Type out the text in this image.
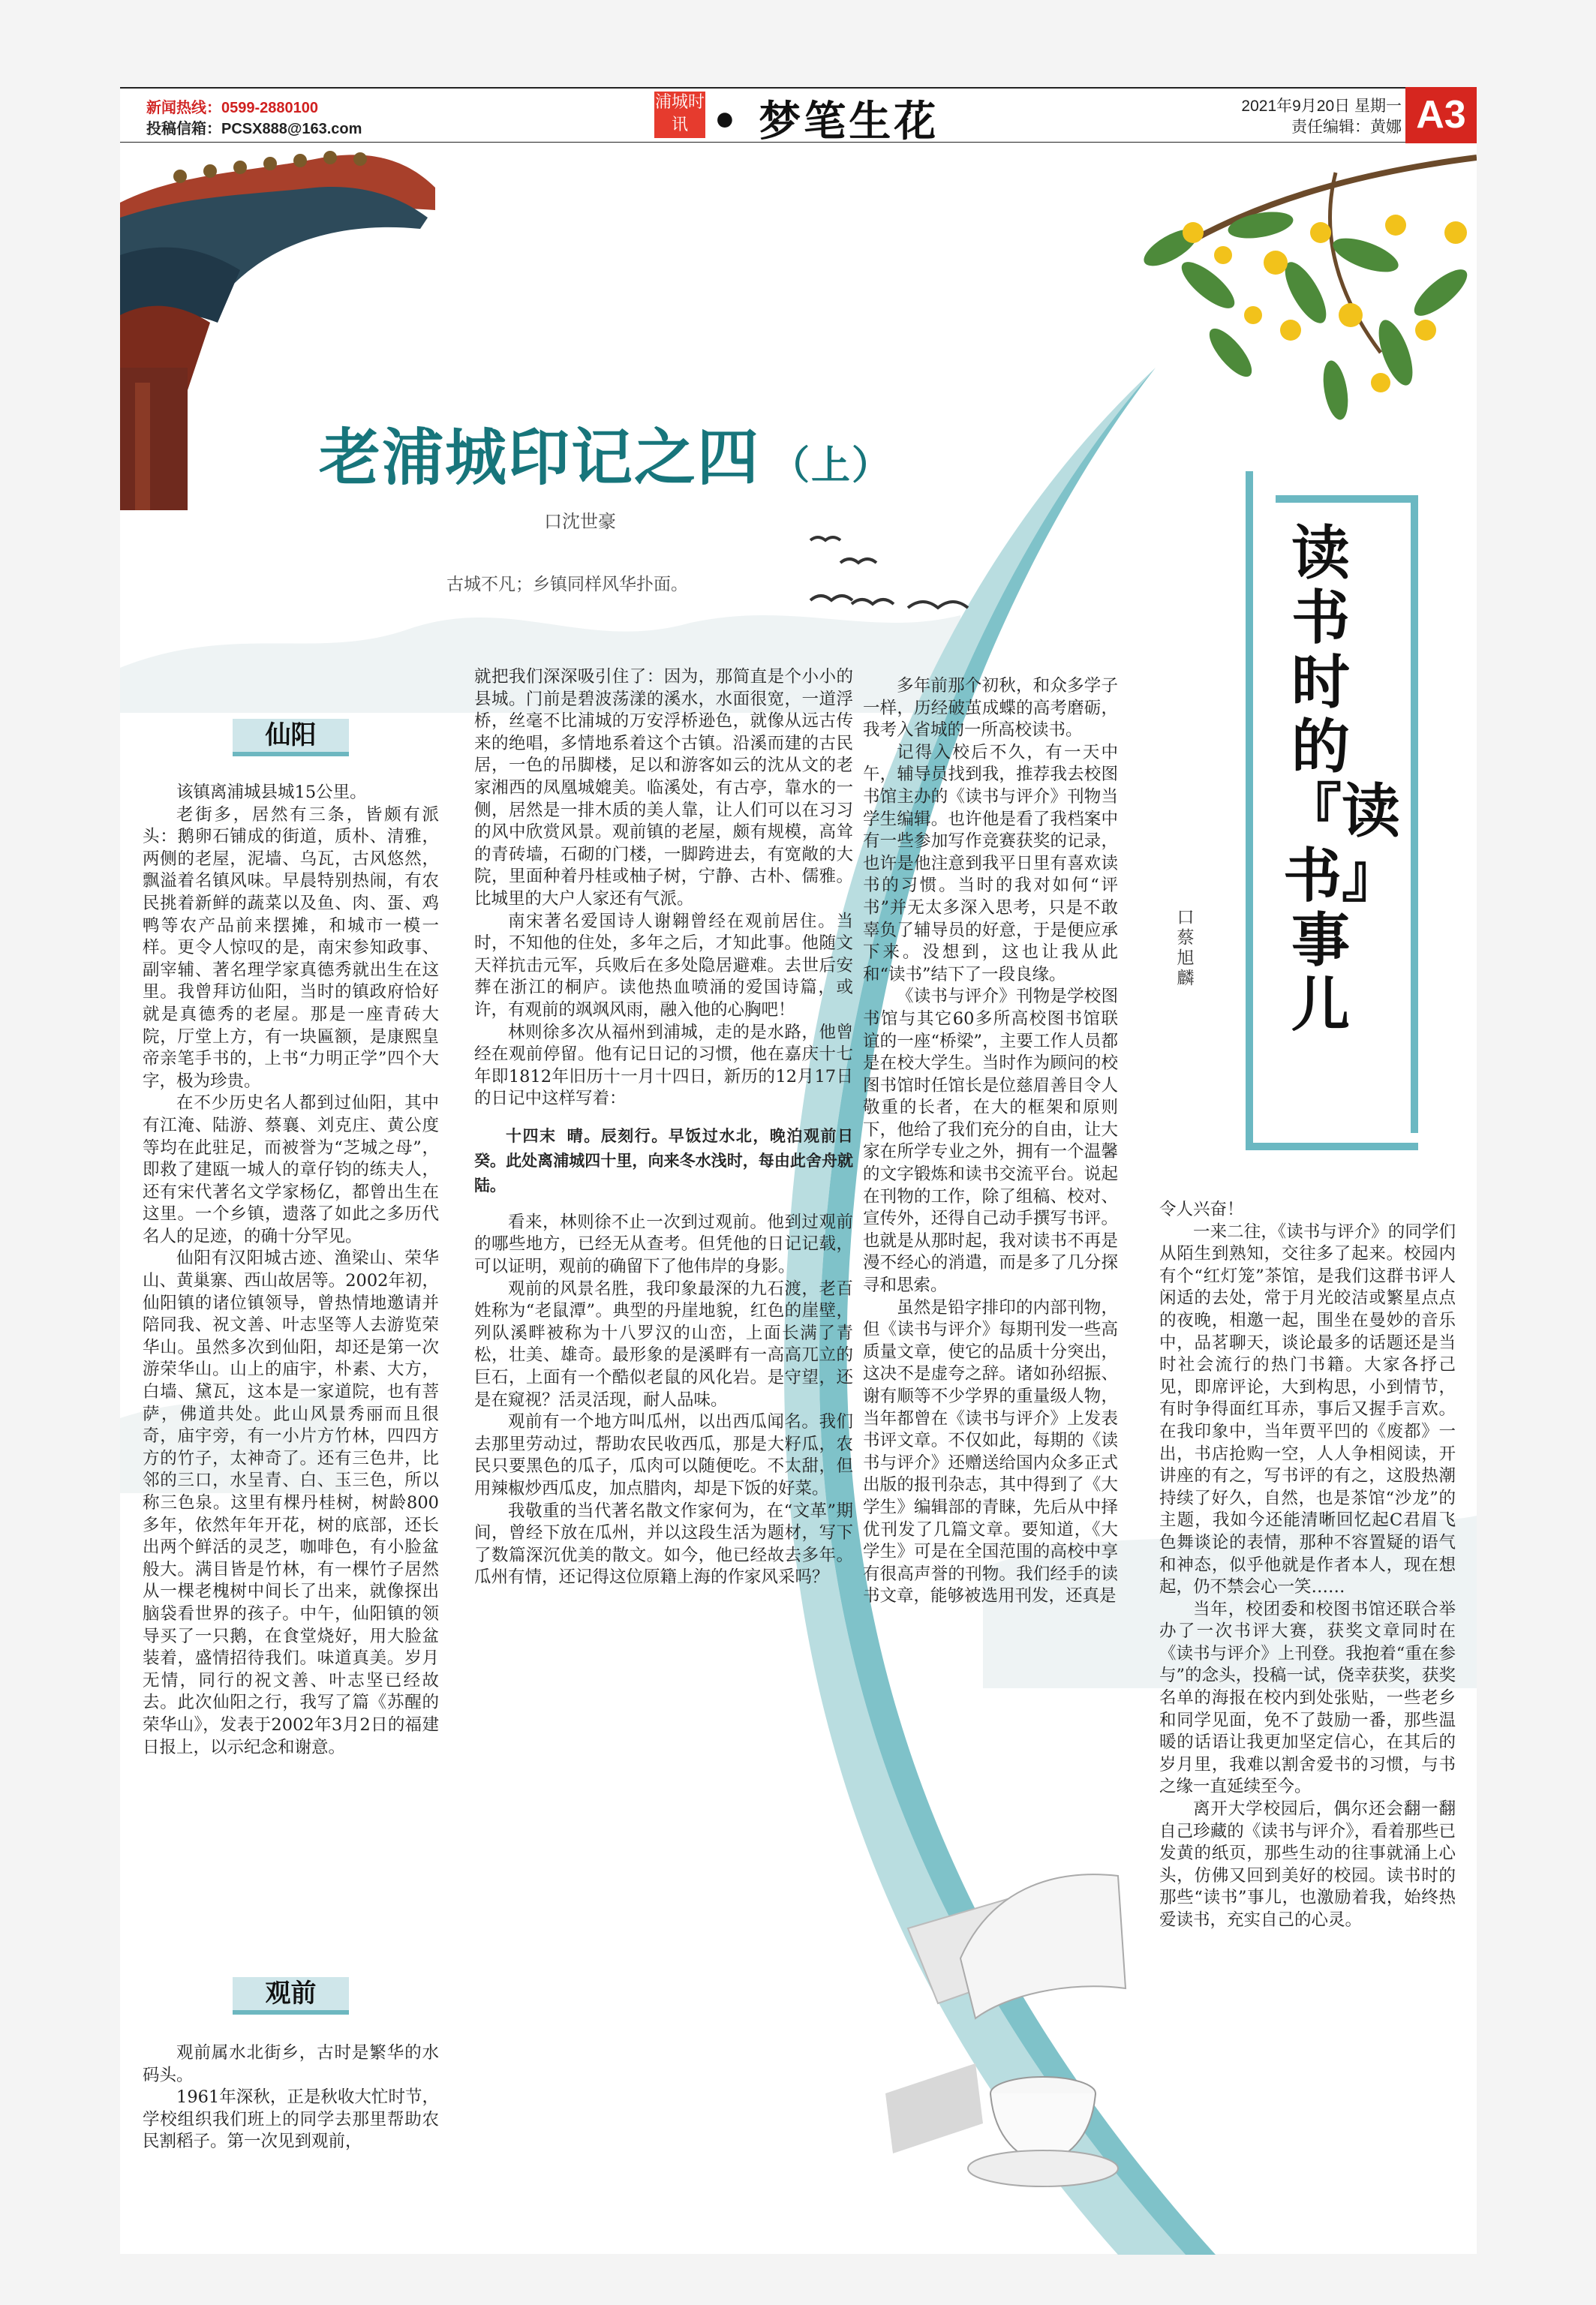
新闻热线：0599-2880100
投稿信箱：PCSX888@163.com
浦城时讯 • 梦笔生花	2021年9月20日 星期一
责任编辑：黄娜 A3
老浦城印记之四 （上）
口沈世豪
古城不凡；乡镇同样风华扑面。
仙阳
观前

该镇离浦城县城15公里。

老街多，居然有三条，皆颇有派头：鹅卵石铺成的街道，质朴、清雅，两侧的老屋，泥墙、乌瓦，古风悠然，飘溢着名镇风味。早晨特别热闹，有农民挑着新鲜的蔬菜以及鱼、肉、蛋、鸡鸭等农产品前来摆摊，和城市一模一样。更令人惊叹的是，南宋参知政事、副宰辅、著名理学家真德秀就出生在这里。我曾拜访仙阳，当时的镇政府恰好就是真德秀的老屋。那是一座青砖大院，厅堂上方，有一块匾额，是康熙皇帝亲笔手书的，上书“力明正学”四个大字，极为珍贵。

在不少历史名人都到过仙阳，其中有江淹、陆游、蔡襄、刘克庄、黄公度等均在此驻足，而被誉为“芝城之母”，即救了建瓯一城人的章仔钧的练夫人，还有宋代著名文学家杨亿，都曾出生在这里。一个乡镇，遗落了如此之多历代名人的足迹，的确十分罕见。

仙阳有汉阳城古迹、渔梁山、荣华山、黄巢寨、西山故居等。2002年初，仙阳镇的诸位镇领导，曾热情地邀请并陪同我、祝文善、叶志坚等人去游览荣华山。虽然多次到仙阳，却还是第一次游荣华山。山上的庙宇，朴素、大方，白墙、黛瓦，这本是一家道院，也有菩萨，佛道共处。此山风景秀丽而且很奇，庙宇旁，有一小片方竹林，四四方方的竹子，太神奇了。还有三色井，比邻的三口，水呈青、白、玉三色，所以称三色泉。这里有棵丹桂树，树龄800多年，依然年年开花，树的底部，还长出两个鲜活的灵芝，咖啡色，有小脸盆般大。满目皆是竹林，有一棵竹子居然从一棵老槐树中间长了出来，就像探出脑袋看世界的孩子。中午，仙阳镇的领导买了一只鹅，在食堂烧好，用大脸盆装着，盛情招待我们。味道真美。岁月无情，同行的祝文善、叶志坚已经故去。此次仙阳之行，我写了篇《苏醒的荣华山》，发表于2002年3月2日的福建日报上，以示纪念和谢意。

观前属水北街乡，古时是繁华的水码头。

1961年深秋，正是秋收大忙时节，学校组织我们班上的同学去那里帮助农民割稻子。第一次见到观前，

就把我们深深吸引住了：因为，那简直是个小小的县城。门前是碧波荡漾的溪水，水面很宽，一道浮桥，丝毫不比浦城的万安浮桥逊色，就像从远古传来的绝唱，多情地系着这个古镇。沿溪而建的古民居，一色的吊脚楼，足以和游客如云的沈从文的老家湘西的凤凰城媲美。临溪处，有古亭，靠水的一侧，居然是一排木质的美人靠，让人们可以在习习的风中欣赏风景。观前镇的老屋，颇有规模，高耸的青砖墙，石砌的门楼，一脚跨进去，有宽敞的大院，里面种着丹桂或柚子树，宁静、古朴、儒雅。比城里的大户人家还有气派。

南宋著名爱国诗人谢翱曾经在观前居住。当时，不知他的住处，多年之后，才知此事。他随文天祥抗击元军，兵败后在多处隐居避难。去世后安葬在浙江的桐庐。读他热血喷涌的爱国诗篇，或许，有观前的飒飒风雨，融入他的心胸吧！

林则徐多次从福州到浦城，走的是水路，他曾经在观前停留。他有记日记的习惯，他在嘉庆十七年即1812年旧历十一月十四日，新历的12月17日的日记中这样写着：

十四末 晴。辰刻行。早饭过水北，晚泊观前日癸。此处离浦城四十里，向来冬水浅时，每由此舍舟就陆。

看来，林则徐不止一次到过观前。他到过观前的哪些地方，已经无从查考。但凭他的日记记载，可以证明，观前的确留下了他伟岸的身影。

观前的风景名胜，我印象最深的九石渡，老百姓称为“老鼠潭”。典型的丹崖地貌，红色的崖壁，列队溪畔被称为十八罗汉的山峦，上面长满了青松，壮美、雄奇。最形象的是溪畔有一高高兀立的巨石，上面有一个酷似老鼠的风化岩。是守望，还是在窥视？活灵活现，耐人品味。

观前有一个地方叫瓜州，以出西瓜闻名。我们去那里劳动过，帮助农民收西瓜，那是大籽瓜，农民只要黑色的瓜子，瓜肉可以随便吃。不太甜，但用辣椒炒西瓜皮，加点腊肉，却是下饭的好菜。

我敬重的当代著名散文作家何为，在“文革”期间，曾经下放在瓜州，并以这段生活为题材，写下了数篇深沉优美的散文。如今，他已经故去多年。瓜州有情，还记得这位原籍上海的作家风采吗？

读书时的『读书』事儿
口蔡旭麟

多年前那个初秋，和众多学子一样，历经破茧成蝶的高考磨砺，我考入省城的一所高校读书。

记得入校后不久，有一天中午，辅导员找到我，推荐我去校图书馆主办的《读书与评介》刊物当学生编辑。也许他是看了我档案中有一些参加写作竞赛获奖的记录，也许是他注意到我平日里有喜欢读书的习惯。当时的我对如何“评书”并无太多深入思考，只是不敢辜负了辅导员的好意，于是便应承下来。没想到，这也让我从此和“读书”结下了一段良缘。

《读书与评介》刊物是学校图书馆与其它60多所高校图书馆联谊的一座“桥梁”，主要工作人员都是在校大学生。当时作为顾问的校图书馆时任馆长是位慈眉善目令人敬重的长者，在大的框架和原则下，他给了我们充分的自由，让大家在所学专业之外，拥有一个温馨的文字锻炼和读书交流平台。说起在刊物的工作，除了组稿、校对、宣传外，还得自己动手撰写书评。也就是从那时起，我对读书不再是漫不经心的消遣，而是多了几分探寻和思索。

虽然是铅字排印的内部刊物，但《读书与评介》每期刊发一些高质量文章，使它的品质十分突出，这决不是虚夸之辞。诸如孙绍振、谢有顺等不少学界的重量级人物，当年都曾在《读书与评介》上发表书评文章。不仅如此，每期的《读书与评介》还赠送给国内众多正式出版的报刊杂志，其中得到了《大学生》编辑部的青睐，先后从中择优刊发了几篇文章。要知道，《大学生》可是在全国范围的高校中享有很高声誉的刊物。我们经手的读书文章，能够被选用刊发，还真是

令人兴奋！

一来二往，《读书与评介》的同学们从陌生到熟知，交往多了起来。校园内有个“红灯笼”茶馆，是我们这群书评人闲适的去处，常于月光皎洁或繁星点点的夜晚，相邀一起，围坐在曼妙的音乐中，品茗聊天，谈论最多的话题还是当时社会流行的热门书籍。大家各抒己见，即席评论，大到构思，小到情节，有时争得面红耳赤，事后又握手言欢。在我印象中，当年贾平凹的《废都》一出，书店抢购一空，人人争相阅读，开讲座的有之，写书评的有之，这股热潮持续了好久，自然，也是茶馆“沙龙”的主题，我如今还能清晰回忆起C君眉飞色舞谈论的表情，那种不容置疑的语气和神态，似乎他就是作者本人，现在想起，仍不禁会心一笑……

当年，校团委和校图书馆还联合举办了一次书评大赛，获奖文章同时在《读书与评介》上刊登。我抱着“重在参与”的念头，投稿一试，侥幸获奖，获奖名单的海报在校内到处张贴，一些老乡和同学见面，免不了鼓励一番，那些温暖的话语让我更加坚定信心，在其后的岁月里，我难以割舍爱书的习惯，与书之缘一直延续至今。

离开大学校园后，偶尔还会翻一翻自己珍藏的《读书与评介》，看着那些已发黄的纸页，那些生动的往事就涌上心头，仿佛又回到美好的校园。读书时的那些“读书”事儿，也激励着我，始终热爱读书，充实自己的心灵。
